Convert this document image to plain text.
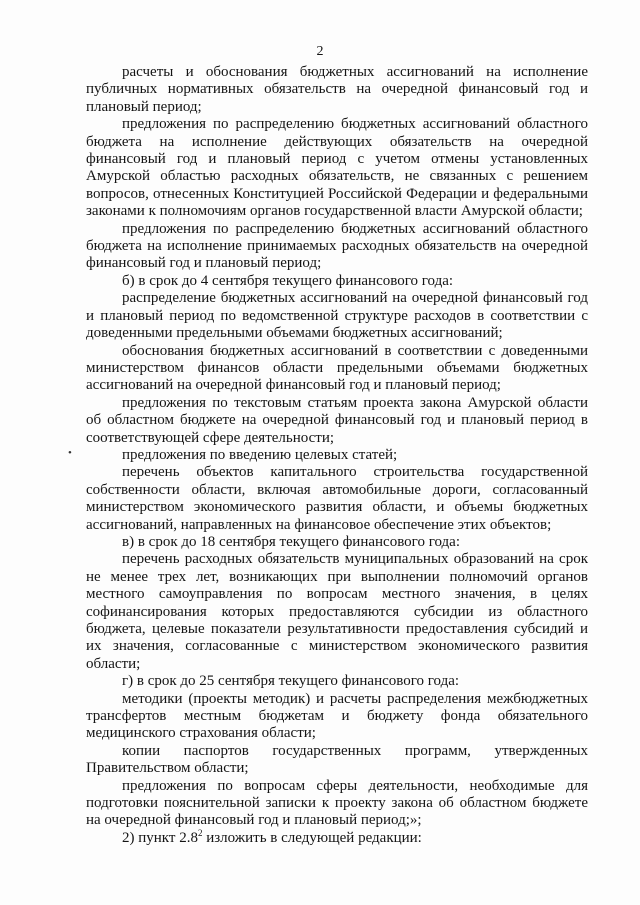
2

расчеты и обоснования бюджетных ассигнований на исполнение публичных нормативных обязательств на очередной финансовый год и плановый период;

предложения по распределению бюджетных ассигнований областного бюджета на исполнение действующих обязательств на очередной финансовый год и плановый период с учетом отмены установленных Амурской областью расходных обязательств, не связанных с решением вопросов, отнесенных Конституцией Российской Федерации и федеральными законами к полномочиям органов государственной власти Амурской области;

предложения по распределению бюджетных ассигнований областного бюджета на исполнение принимаемых расходных обязательств на очередной финансовый год и плановый период;

б) в срок до 4 сентября текущего финансового года:

распределение бюджетных ассигнований на очередной финансовый год и плановый период по ведомственной структуре расходов в соответствии с доведенными предельными объемами бюджетных ассигнований;

обоснования бюджетных ассигнований в соответствии с доведенными министерством финансов области предельными объемами бюджетных ассигнований на очередной финансовый год и плановый период;

предложения по текстовым статьям проекта закона Амурской области об областном бюджете на очередной финансовый год и плановый период в соответствующей сфере деятельности;

предложения по введению целевых статей;

перечень объектов капитального строительства государственной собственности области, включая автомобильные дороги, согласованный министерством экономического развития области, и объемы бюджетных ассигнований, направленных на финансовое обеспечение этих объектов;

в) в срок до 18 сентября текущего финансового года:

перечень расходных обязательств муниципальных образований на срок не менее трех лет, возникающих при выполнении полномочий органов местного самоуправления по вопросам местного значения, в целях софинансирования которых предоставляются субсидии из областного бюджета, целевые показатели результативности предоставления субсидий и их значения, согласованные с министерством экономического развития области;

г) в срок до 25 сентября текущего финансового года:

методики (проекты методик) и расчеты распределения межбюджетных трансфертов местным бюджетам и бюджету фонда обязательного медицинского страхования области;

копии паспортов государственных программ, утвержденных Правительством области;

предложения по вопросам сферы деятельности, необходимые для подготовки пояснительной записки к проекту закона об областном бюджете на очередной финансовый год и плановый период;»;

2) пункт $2.8^2$ изложить в следующей редакции:

•
